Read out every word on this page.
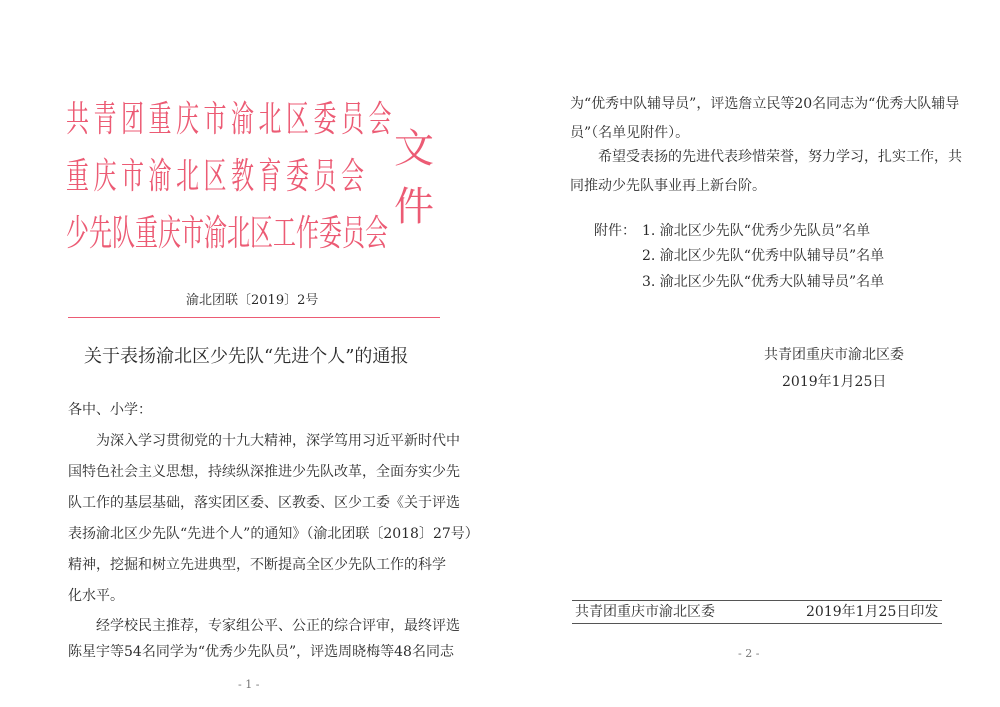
共青团重庆市渝北区委员会
重庆市渝北区教育委员会
少先队重庆市渝北区工作委员会
文件
渝北团联〔2019〕2号
关于表扬渝北区少先队“先进个人”的通报
各中、小学：
为深入学习贯彻党的十九大精神，深学笃用习近平新时代中
国特色社会主义思想，持续纵深推进少先队改革，全面夯实少先
队工作的基层基础，落实团区委、区教委、区少工委《关于评选
表扬渝北区少先队“先进个人”的通知》（渝北团联〔2018〕27号）
精神，挖掘和树立先进典型，不断提高全区少先队工作的科学
化水平。
经学校民主推荐，专家组公平、公正的综合评审，最终评选
陈星宇等54名同学为“优秀少先队员”，评选周晓梅等48名同志
- 1 -
为“优秀中队辅导员”，评选詹立民等20名同志为“优秀大队辅导
员”（名单见附件）。
希望受表扬的先进代表珍惜荣誉，努力学习，扎实工作，共
同推动少先队事业再上新台阶。
附件： 1. 渝北区少先队“优秀少先队员”名单
2. 渝北区少先队“优秀中队辅导员”名单
3. 渝北区少先队“优秀大队辅导员”名单
共青团重庆市渝北区委
2019年1月25日
共青团重庆市渝北区委	2019年1月25日印发
- 2 -
